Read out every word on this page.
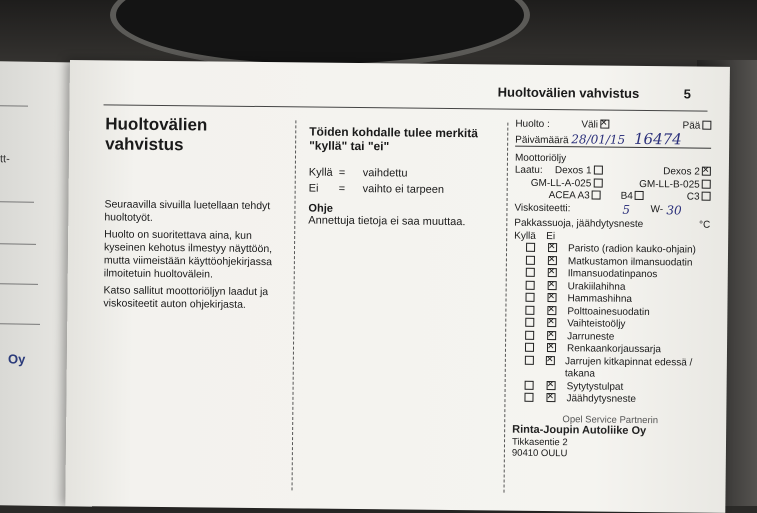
tt-
Oy
Huoltovälien vahvistus	5
Huoltovälien
vahvistus

Seuraavilla sivuilla luetellaan tehdyt huoltotyöt.

Huolto on suoritettava aina, kun kyseinen kehotus ilmestyy näyttöön, mutta viimeistään käyttöohjekirjassa ilmoitetuin huoltovälein.

Katso sallitut moottoriöljyn laadut ja viskositeetit auton ohjekirjasta.

Töiden kohdalle tulee merkitä "kyllä" tai "ei"
Kyllä = vaihdettu
Ei = vaihto ei tarpeen
Ohje
Annettuja tietoja ei saa muuttaa.
Huolto :	Väli✕	Pää
Päivämäärä 28/01/15 16474
Moottoriöljy
Laatu: Dexos 1	Dexos 2✕
GM-LL-A-025	GM-LL-B-025
ACEA A3	B4	C3
Viskositeetti:	5 W- 30
Pakkassuoja, jäähdytysneste	°C
Kyllä Ei
✕
Paristo (radion kauko-ohjain)
✕
Matkustamon ilmansuodatin
✕
Ilmansuodatinpanos
✕
Urakiilahihna
✕
Hammashihna
✕
Polttoainesuodatin
✕
Vaihteistoöljy
✕
Jarruneste
✕
Renkaankorjaussarja
✕
Jarrujen kitkapinnat edessä / takana
✕
Sytytystulpat
✕
Jäähdytysneste
Opel Service Partnerin
Rinta-Joupin Autoliike Oy
Tikkasentie 2
90410 OULU
